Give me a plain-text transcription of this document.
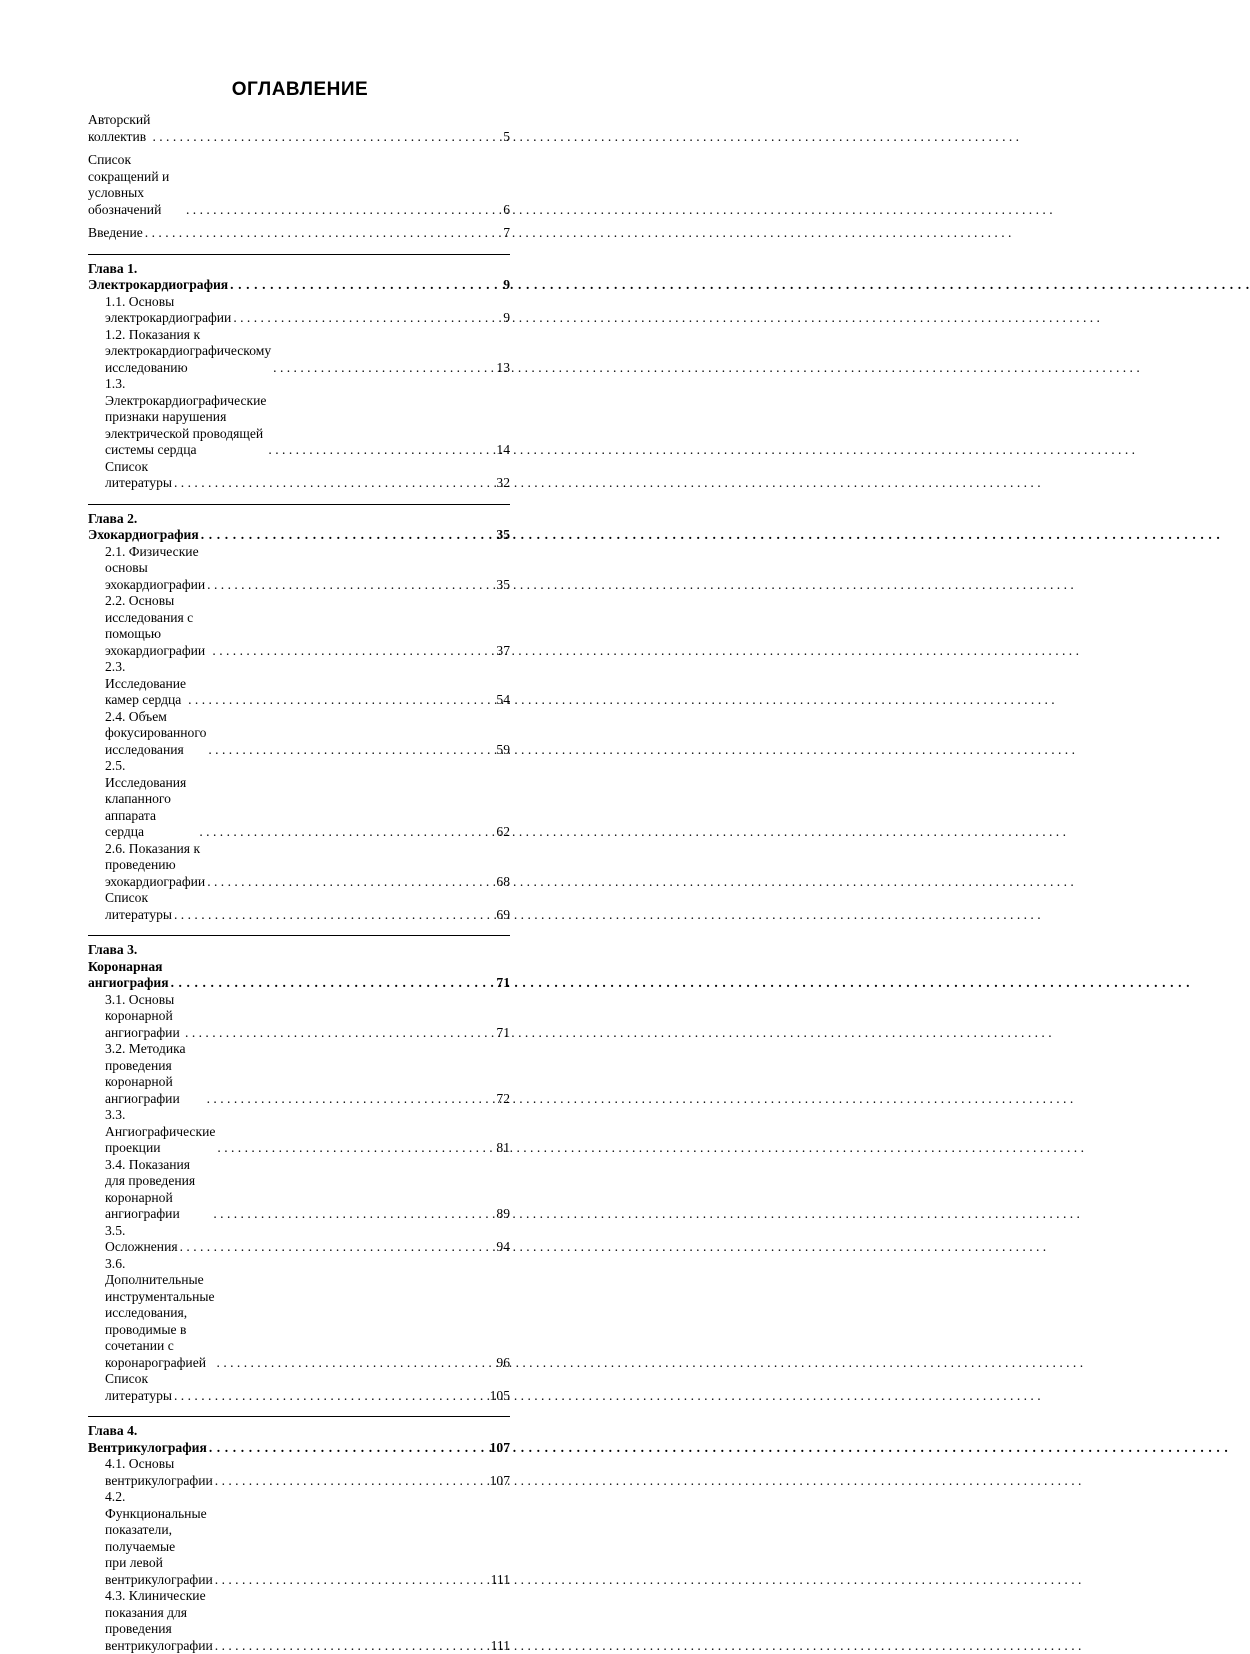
ОГЛАВЛЕНИЕ
Авторский коллектив . . .	5
Список сокращений и условных обозначений . . .	6
Введение . . .	7
Глава 1. Электрокардиография . . .	9
1.1. Основы электрокардиографии . . .	9
1.2. Показания к электрокардиографическому исследованию . . .	13
1.3. Электрокардиографические признаки нарушения
электрической проводящей системы сердца . . .	14
Список литературы . . .	32
Глава 2. Эхокардиография . . .	35
2.1. Физические основы эхокардиографии . . .	35
2.2. Основы исследования с помощью эхокардиографии . . .	37
2.3. Исследование камер сердца . . .	54
2.4. Объем фокусированного исследования . . .	59
2.5. Исследования клапанного аппарата сердца . . .	62
2.6. Показания к проведению эхокардиографии . . .	68
Список литературы . . .	69
Глава 3. Коронарная ангиография . . .	71
3.1. Основы коронарной ангиографии . . .	71
3.2. Методика проведения коронарной ангиографии . . .	72
3.3. Ангиографические проекции . . .	81
3.4. Показания для проведения коронарной ангиографии . . .	89
3.5. Осложнения . . .	94
3.6. Дополнительные инструментальные исследования,
проводимые в сочетании с коронарографией . . .	96
Список литературы . . .	105
Глава 4. Вентрикулография . . .	107
4.1. Основы вентрикулографии . . .	107
4.2. Функциональные показатели, получаемые
при левой вентрикулографии . . .	111
4.3. Клинические показания для проведения
вентрикулографии . . .	111
